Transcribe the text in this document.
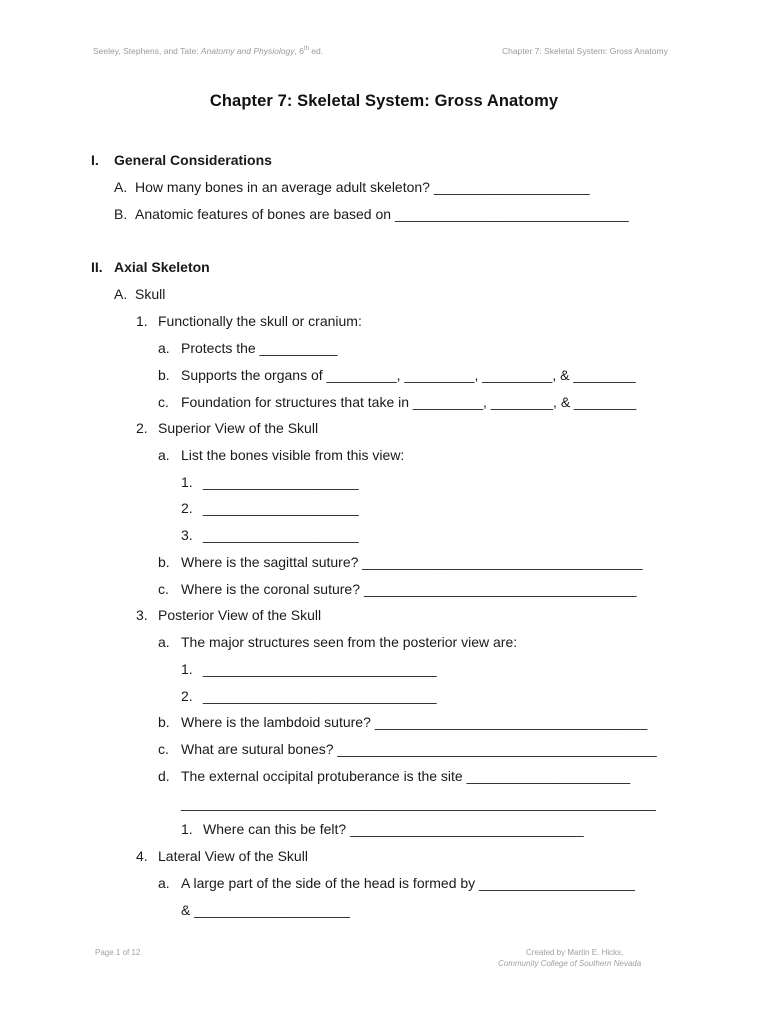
Seeley, Stephens, and Tate: Anatomy and Physiology, 6th ed.	Chapter 7: Skeletal System: Gross Anatomy
Chapter 7: Skeletal System: Gross Anatomy
I. General Considerations
A. How many bones in an average adult skeleton? ____________________
B. Anatomic features of bones are based on ______________________________
II. Axial Skeleton
A. Skull
1. Functionally the skull or cranium:
a. Protects the __________
b. Supports the organs of _________, _________, _________, & ________
c. Foundation for structures that take in _________, ________, & ________
2. Superior View of the Skull
a. List the bones visible from this view:
1. ____________________
2. ____________________
3. ____________________
b. Where is the sagittal suture? ____________________________________
c. Where is the coronal suture? ___________________________________
3. Posterior View of the Skull
a. The major structures seen from the posterior view are:
1. ______________________________
2. ______________________________
b. Where is the lambdoid suture? ___________________________________
c. What are sutural bones? _________________________________________
d. The external occipital protuberance is the site _____________________
_____________________________________________________________
1. Where can this be felt? ______________________________
4. Lateral View of the Skull
a. A large part of the side of the head is formed by ____________________
& ____________________
Page 1 of 12	Created by Martin E. Hicks,
Community College of Southern Nevada
